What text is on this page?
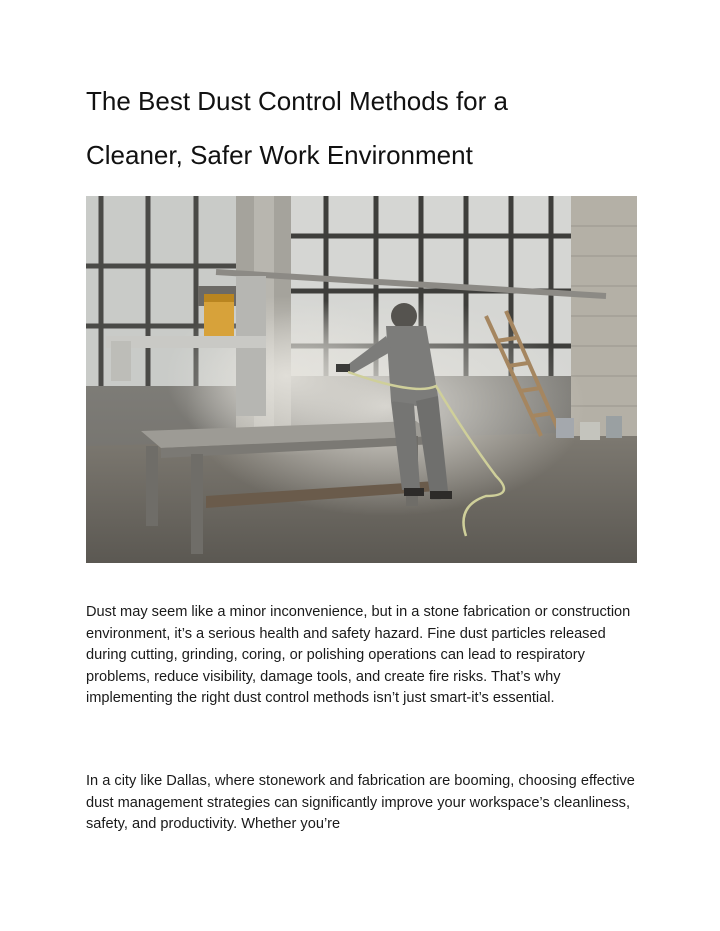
The Best Dust Control Methods for a
Cleaner, Safer Work Environment

Dust may seem like a minor inconvenience, but in a stone fabrication or construction environment, it’s a serious health and safety hazard. Fine dust particles released during cutting, grinding, coring, or polishing operations can lead to respiratory problems, reduce visibility, damage tools, and create fire risks. That’s why implementing the right dust control methods isn’t just smart-it’s essential.

In a city like Dallas, where stonework and fabrication are booming, choosing effective dust management strategies can significantly improve your workspace’s cleanliness, safety, and productivity. Whether you’re
